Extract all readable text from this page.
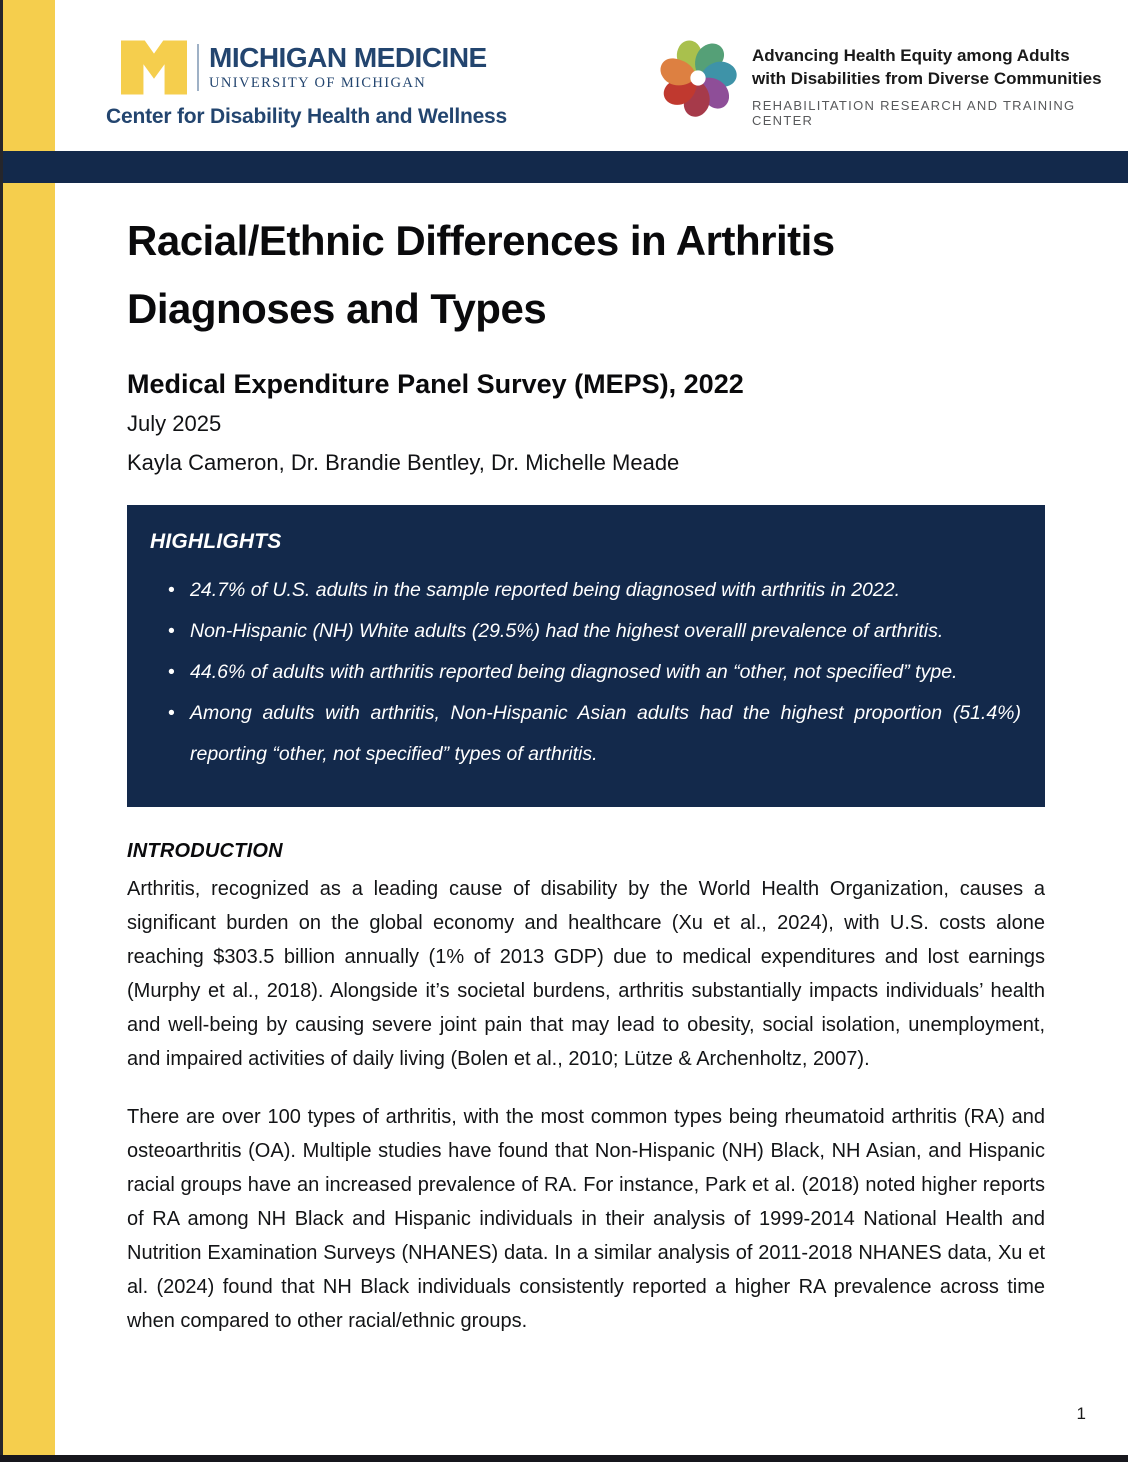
MICHIGAN MEDICINE
UNIVERSITY OF MICHIGAN
Center for Disability Health and Wellness
Advancing Health Equity among Adults
with Disabilities from Diverse Communities
REHABILITATION RESEARCH AND TRAINING CENTER
Racial/Ethnic Differences in Arthritis Diagnoses and Types
Medical Expenditure Panel Survey (MEPS), 2022
July 2025
Kayla Cameron, Dr. Brandie Bentley, Dr. Michelle Meade
HIGHLIGHTS
• 24.7% of U.S. adults in the sample reported being diagnosed with arthritis in 2022.
• Non-Hispanic (NH) White adults (29.5%) had the highest overalll prevalence of arthritis.
• 44.6% of adults with arthritis reported being diagnosed with an “other, not specified” type.
• Among adults with arthritis, Non-Hispanic Asian adults had the highest proportion (51.4%) reporting “other, not specified” types of arthritis.
INTRODUCTION

Arthritis, recognized as a leading cause of disability by the World Health Organization, causes a significant burden on the global economy and healthcare (Xu et al., 2024), with U.S. costs alone reaching $303.5 billion annually (1% of 2013 GDP) due to medical expenditures and lost earnings (Murphy et al., 2018). Alongside it’s societal burdens, arthritis substantially impacts individuals’ health and well-being by causing severe joint pain that may lead to obesity, social isolation, unemployment, and impaired activities of daily living (Bolen et al., 2010; Lütze & Archenholtz, 2007).

There are over 100 types of arthritis, with the most common types being rheumatoid arthritis (RA) and osteoarthritis (OA). Multiple studies have found that Non-Hispanic (NH) Black, NH Asian, and Hispanic racial groups have an increased prevalence of RA. For instance, Park et al. (2018) noted higher reports of RA among NH Black and Hispanic individuals in their analysis of 1999-2014 National Health and Nutrition Examination Surveys (NHANES) data. In a similar analysis of 2011-2018 NHANES data, Xu et al. (2024) found that NH Black individuals consistently reported a higher RA prevalence across time when compared to other racial/ethnic groups.

1
